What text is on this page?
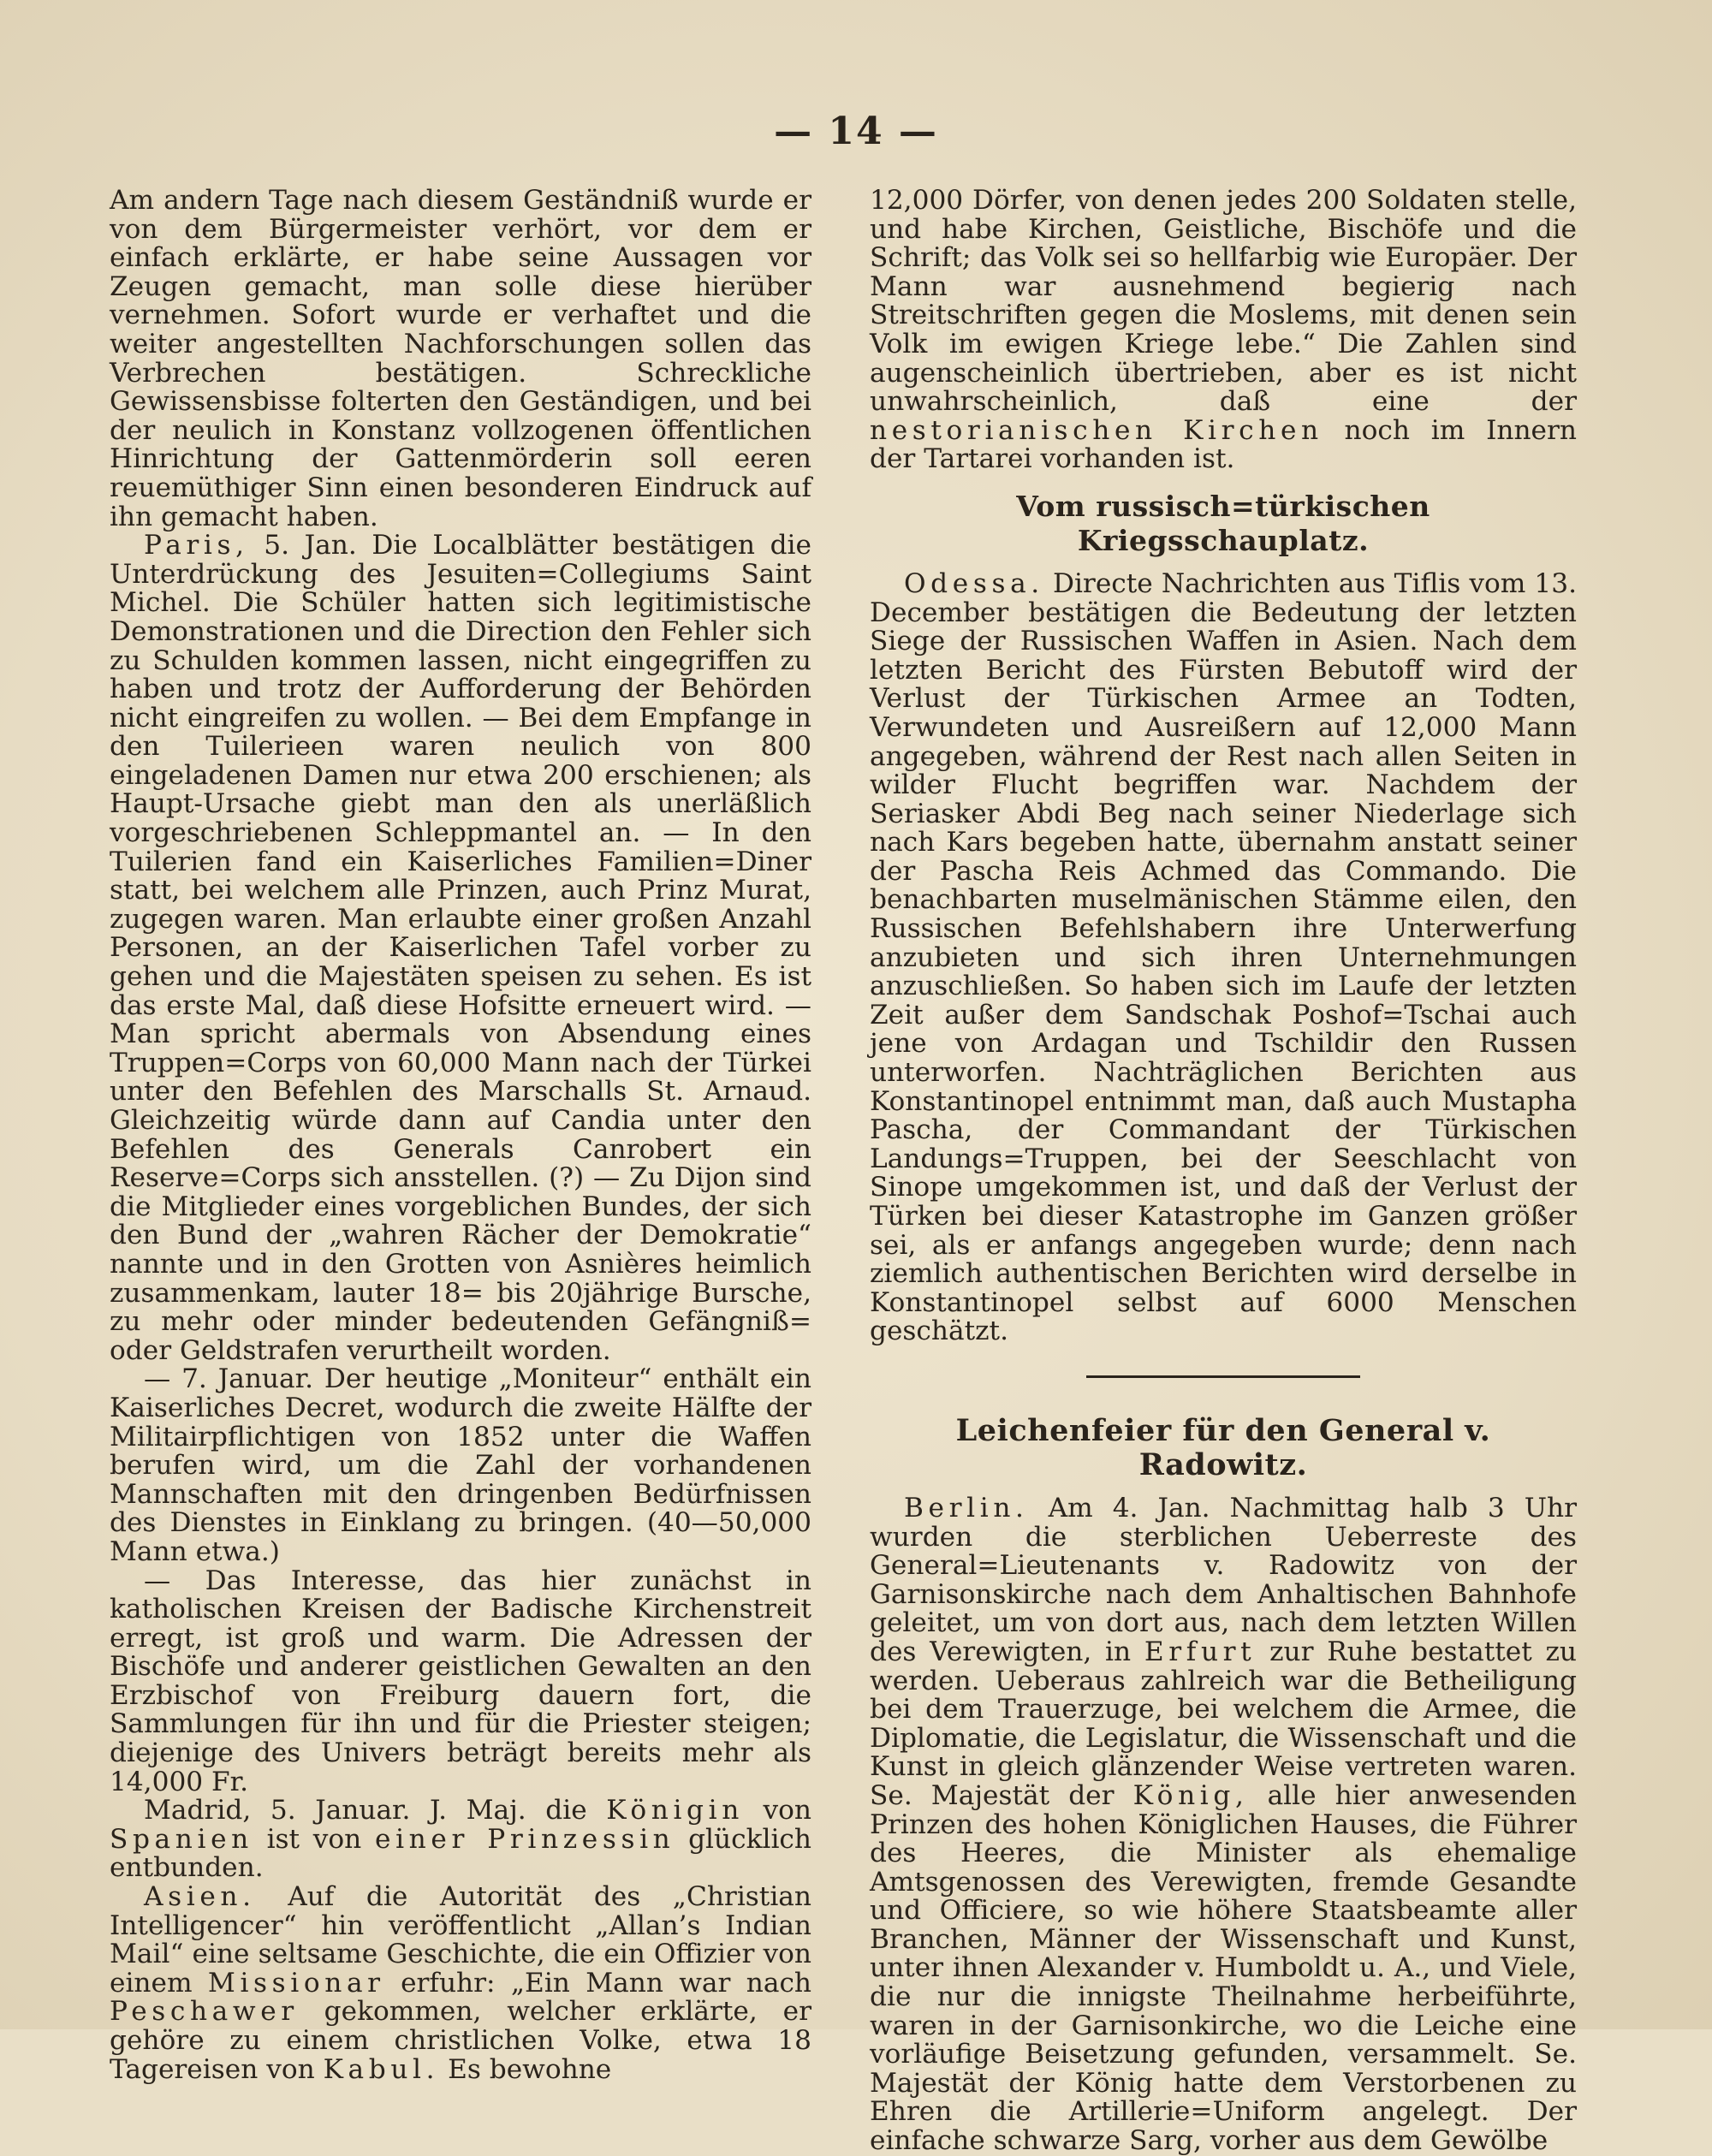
— 14 —

Am andern Tage nach diesem Geständniß wurde er von dem Bürgermeister verhört, vor dem er einfach erklärte, er habe seine Aussagen vor Zeugen gemacht, man solle diese hierüber vernehmen. Sofort wurde er verhaftet und die weiter angestellten Nachforschungen sollen das Verbrechen bestätigen. Schreckliche Gewissensbisse folterten den Geständigen, und bei der neulich in Konstanz vollzogenen öffentlichen Hinrichtung der Gattenmörderin soll eeren reuemüthiger Sinn einen besonderen Eindruck auf ihn gemacht haben.

Paris, 5. Jan. Die Localblätter bestätigen die Unterdrückung des Jesuiten=Collegiums Saint Michel. Die Schüler hatten sich legitimistische Demonstrationen und die Direction den Fehler sich zu Schulden kommen lassen, nicht eingegriffen zu haben und trotz der Aufforderung der Behörden nicht eingreifen zu wollen. — Bei dem Empfange in den Tuilerieen waren neulich von 800 eingeladenen Damen nur etwa 200 erschienen; als Haupt-Ursache giebt man den als unerläßlich vorgeschriebenen Schleppmantel an. — In den Tuilerien fand ein Kaiserliches Familien=Diner statt, bei welchem alle Prinzen, auch Prinz Murat, zugegen waren. Man erlaubte einer großen Anzahl Personen, an der Kaiserlichen Tafel vorber zu gehen und die Majestäten speisen zu sehen. Es ist das erste Mal, daß diese Hofsitte erneuert wird. — Man spricht abermals von Absendung eines Truppen=Corps von 60,000 Mann nach der Türkei unter den Befehlen des Marschalls St. Arnaud. Gleichzeitig würde dann auf Candia unter den Befehlen des Generals Canrobert ein Reserve=Corps sich ansstellen. (?) — Zu Dijon sind die Mitglieder eines vorgeblichen Bundes, der sich den Bund der „wahren Rächer der Demokratie“ nannte und in den Grotten von Asnières heimlich zusammenkam, lauter 18= bis 20jährige Bursche, zu mehr oder minder bedeutenden Gefängniß= oder Geldstrafen verurtheilt worden.

— 7. Januar. Der heutige „Moniteur“ enthält ein Kaiserliches Decret, wodurch die zweite Hälfte der Militairpflichtigen von 1852 unter die Waffen berufen wird, um die Zahl der vorhandenen Mannschaften mit den dringenben Bedürfnissen des Dienstes in Einklang zu bringen. (40—50,000 Mann etwa.)

— Das Interesse, das hier zunächst in katholischen Kreisen der Badische Kirchenstreit erregt, ist groß und warm. Die Adressen der Bischöfe und anderer geistlichen Gewalten an den Erzbischof von Freiburg dauern fort, die Sammlungen für ihn und für die Priester steigen; diejenige des Univers beträgt bereits mehr als 14,000 Fr.

Madrid, 5. Januar. J. Maj. die Königin von Spanien ist von einer Prinzessin glücklich entbunden.

Asien. Auf die Autorität des „Christian Intelligencer“ hin veröffentlicht „Allan’s Indian Mail“ eine seltsame Geschichte, die ein Offizier von einem Missionar erfuhr: „Ein Mann war nach Peschawer gekommen, welcher erklärte, er gehöre zu einem christlichen Volke, etwa 18 Tagereisen von Kabul. Es bewohne

12,000 Dörfer, von denen jedes 200 Soldaten stelle, und habe Kirchen, Geistliche, Bischöfe und die Schrift; das Volk sei so hellfarbig wie Europäer. Der Mann war ausnehmend begierig nach Streitschriften gegen die Moslems, mit denen sein Volk im ewigen Kriege lebe.“ Die Zahlen sind augenscheinlich übertrieben, aber es ist nicht unwahrscheinlich, daß eine der nestorianischen Kirchen noch im Innern der Tartarei vorhanden ist.

Vom russisch=türkischen Kriegsschauplatz.

Odessa. Directe Nachrichten aus Tiflis vom 13. December bestätigen die Bedeutung der letzten Siege der Russischen Waffen in Asien. Nach dem letzten Bericht des Fürsten Bebutoff wird der Verlust der Türkischen Armee an Todten, Verwundeten und Ausreißern auf 12,000 Mann angegeben, während der Rest nach allen Seiten in wilder Flucht begriffen war. Nachdem der Seriasker Abdi Beg nach seiner Niederlage sich nach Kars begeben hatte, übernahm anstatt seiner der Pascha Reis Achmed das Commando. Die benachbarten muselmänischen Stämme eilen, den Russischen Befehlshabern ihre Unterwerfung anzubieten und sich ihren Unternehmungen anzuschließen. So haben sich im Laufe der letzten Zeit außer dem Sandschak Poshof=Tschai auch jene von Ardagan und Tschildir den Russen unterworfen. Nachträglichen Berichten aus Konstantinopel entnimmt man, daß auch Mustapha Pascha, der Commandant der Türkischen Landungs=Truppen, bei der Seeschlacht von Sinope umgekommen ist, und daß der Verlust der Türken bei dieser Katastrophe im Ganzen größer sei, als er anfangs angegeben wurde; denn nach ziemlich authentischen Berichten wird derselbe in Konstantinopel selbst auf 6000 Menschen geschätzt.

Leichenfeier für den General v. Radowitz.

Berlin. Am 4. Jan. Nachmittag halb 3 Uhr wurden die sterblichen Ueberreste des General=Lieutenants v. Radowitz von der Garnisonskirche nach dem Anhaltischen Bahnhofe geleitet, um von dort aus, nach dem letzten Willen des Verewigten, in Erfurt zur Ruhe bestattet zu werden. Ueberaus zahlreich war die Betheiligung bei dem Trauerzuge, bei welchem die Armee, die Diplomatie, die Legislatur, die Wissenschaft und die Kunst in gleich glänzender Weise vertreten waren. Se. Majestät der König, alle hier anwesenden Prinzen des hohen Königlichen Hauses, die Führer des Heeres, die Minister als ehemalige Amtsgenossen des Verewigten, fremde Gesandte und Officiere, so wie höhere Staatsbeamte aller Branchen, Männer der Wissenschaft und Kunst, unter ihnen Alexander v. Humboldt u. A., und Viele, die nur die innigste Theilnahme herbeiführte, waren in der Garnisonkirche, wo die Leiche eine vorläufige Beisetzung gefunden, versammelt. Se. Majestät der König hatte dem Verstorbenen zu Ehren die Artillerie=Uniform angelegt. Der einfache schwarze Sarg, vorher aus dem Gewölbe
